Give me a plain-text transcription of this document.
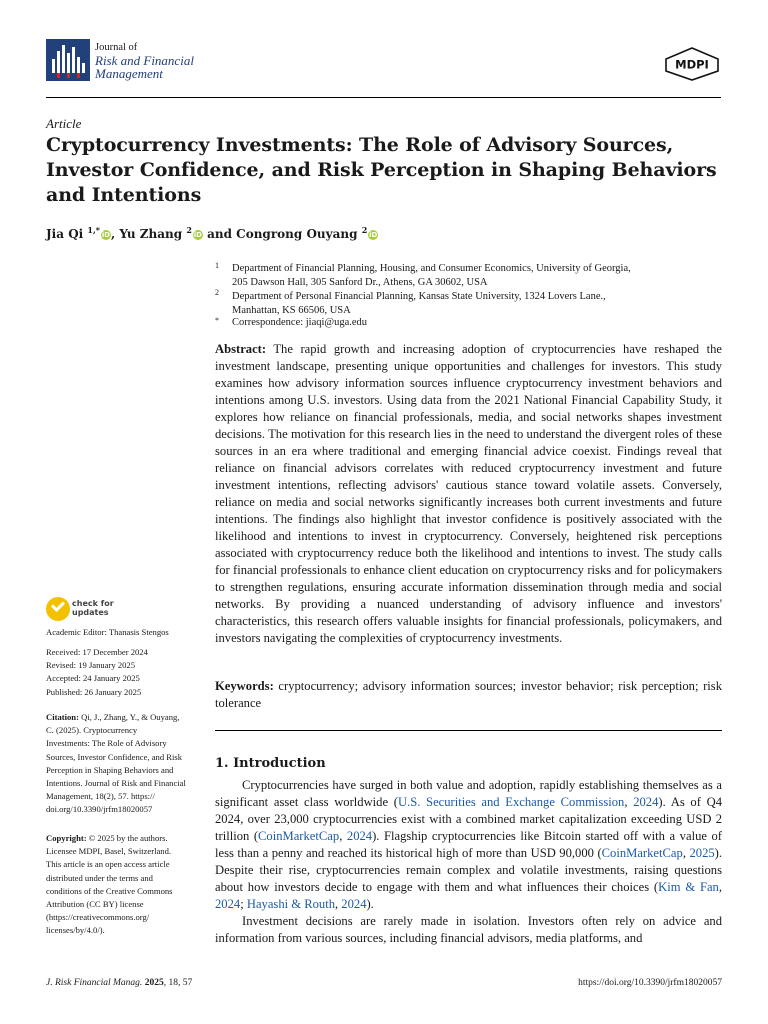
Journal of
Risk and Financial
Management
MDPI
Article
Cryptocurrency Investments: The Role of Advisory Sources, Investor Confidence, and Risk Perception in Shaping Behaviors and Intentions
Jia Qi $^{1,*}$ iD, Yu Zhang $^2$ iD and Congrong Ouyang $^2$ iD
1 Department of Financial Planning, Housing, and Consumer Economics, University of Georgia,
205 Dawson Hall, 305 Sanford Dr., Athens, GA 30602, USA
2 Department of Personal Financial Planning, Kansas State University, 1324 Lovers Lane.,
Manhattan, KS 66506, USA
* Correspondence: jiaqi@uga.edu
Abstract: The rapid growth and increasing adoption of cryptocurrencies have reshaped the investment landscape, presenting unique opportunities and challenges for investors. This study examines how advisory information sources influence cryptocurrency investment behaviors and intentions among U.S. investors. Using data from the 2021 National Financial Capability Study, it explores how reliance on financial professionals, media, and social networks shapes investment decisions. The motivation for this research lies in the need to understand the divergent roles of these sources in an era where traditional and emerging financial advice coexist. Findings reveal that reliance on financial advisors correlates with reduced cryptocurrency investment and future investment intentions, reflecting advisors' cautious stance toward volatile assets. Conversely, reliance on media and social networks significantly increases both current investments and future intentions. The findings also highlight that investor confidence is positively associated with the likelihood and intentions to invest in cryptocurrency. Conversely, heightened risk perceptions associated with cryptocurrency reduce both the likelihood and intentions to invest. The study calls for financial professionals to enhance client education on cryptocurrency risks and for policymakers to strengthen regulations, ensuring accurate information dissemination through media and social networks. By providing a nuanced understanding of advisory influence and investors' characteristics, this research offers valuable insights for financial professionals, policymakers, and investors navigating the complexities of cryptocurrency investments.
check for
updates
Academic Editor: Thanasis Stengos
Received: 17 December 2024
Revised: 19 January 2025
Accepted: 24 January 2025
Published: 26 January 2025
Citation: Qi, J., Zhang, Y., & Ouyang,
C. (2025). Cryptocurrency
Investments: The Role of Advisory
Sources, Investor Confidence, and Risk
Perception in Shaping Behaviors and
Intentions. Journal of Risk and Financial
Management, 18(2), 57. https://
doi.org/10.3390/jrfm18020057
Copyright: © 2025 by the authors.
Licensee MDPI, Basel, Switzerland.
This article is an open access article
distributed under the terms and
conditions of the Creative Commons
Attribution (CC BY) license
(https://creativecommons.org/
licenses/by/4.0/).
Keywords: cryptocurrency; advisory information sources; investor behavior; risk perception; risk tolerance
1. Introduction
Cryptocurrencies have surged in both value and adoption, rapidly establishing themselves as a significant asset class worldwide (U.S. Securities and Exchange Commission, 2024). As of Q4 2024, over 23,000 cryptocurrencies exist with a combined market capitalization exceeding USD 2 trillion (CoinMarketCap, 2024). Flagship cryptocurrencies like Bitcoin started off with a value of less than a penny and reached its historical high of more than USD 90,000 (CoinMarketCap, 2025). Despite their rise, cryptocurrencies remain complex and volatile investments, raising questions about how investors decide to engage with them and what influences their choices (Kim & Fan, 2024; Hayashi & Routh, 2024).
Investment decisions are rarely made in isolation. Investors often rely on advice and information from various sources, including financial advisors, media platforms, and
J. Risk Financial Manag. 2025, 18, 57	https://doi.org/10.3390/jrfm18020057
